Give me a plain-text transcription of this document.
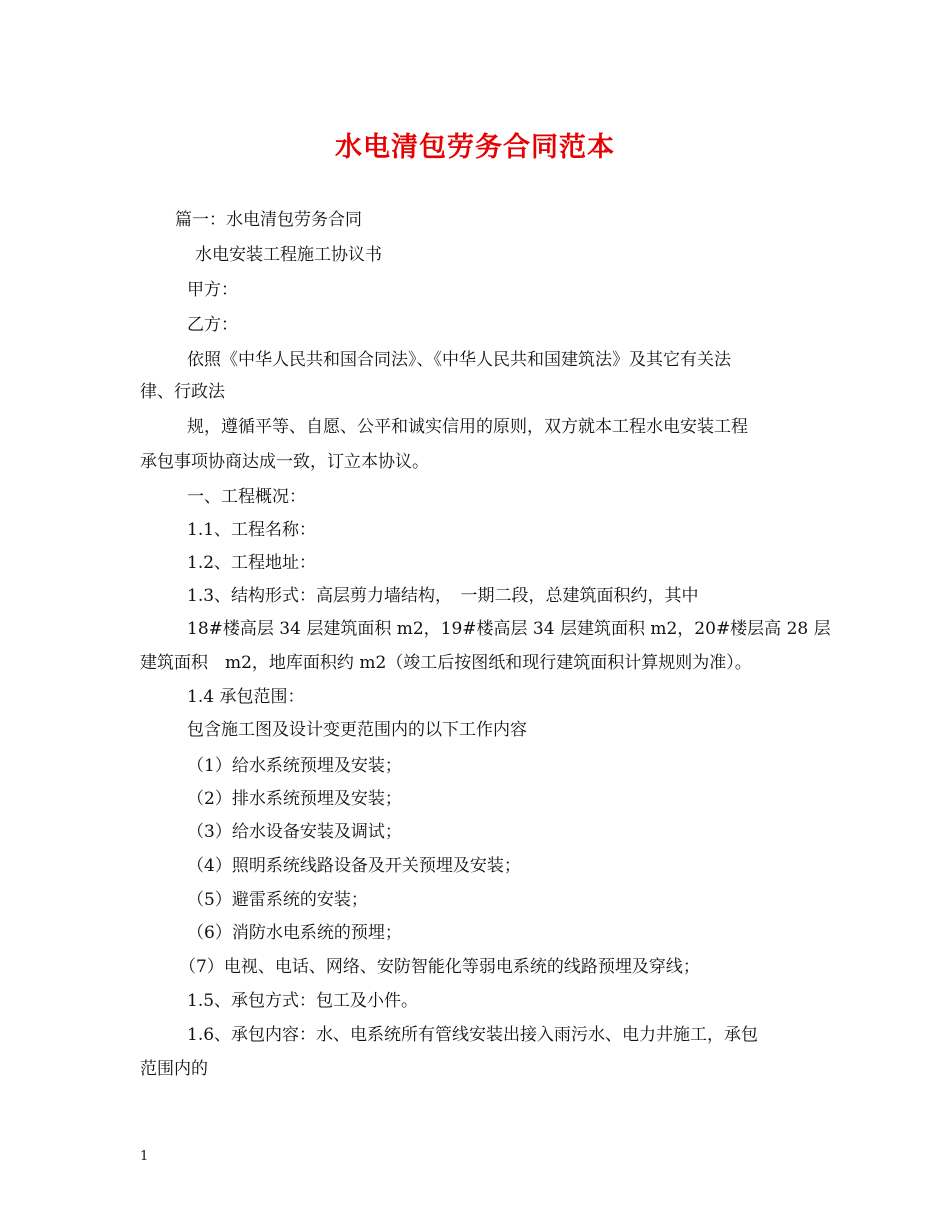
水电清包劳务合同范本
篇一：水电清包劳务合同
水电安装工程施工协议书
甲方：
乙方：
依照《中华人民共和国合同法》、《中华人民共和国建筑法》及其它有关法
律、行政法
规，遵循平等、自愿、公平和诚实信用的原则，双方就本工程水电安装工程
承包事项协商达成一致，订立本协议。
一、工程概况：
1.1、工程名称：
1.2、工程地址：
1.3、结构形式：高层剪力墙结构，　一期二段，总建筑面积约，其中
18#楼高层 34 层建筑面积 m2，19#楼高层 34 层建筑面积 m2，20#楼层高 28 层
建筑面积　m2，地库面积约 m2（竣工后按图纸和现行建筑面积计算规则为准）。
1.4 承包范围：
包含施工图及设计变更范围内的以下工作内容
（1）给水系统预埋及安装；
（2）排水系统预埋及安装；
（3）给水设备安装及调试；
（4）照明系统线路设备及开关预埋及安装；
（5）避雷系统的安装；
（6）消防水电系统的预埋；
（7）电视、电话、网络、安防智能化等弱电系统的线路预埋及穿线；
1.5、承包方式：包工及小件。
1.6、承包内容：水、电系统所有管线安装出接入雨污水、电力井施工，承包
范围内的
1
